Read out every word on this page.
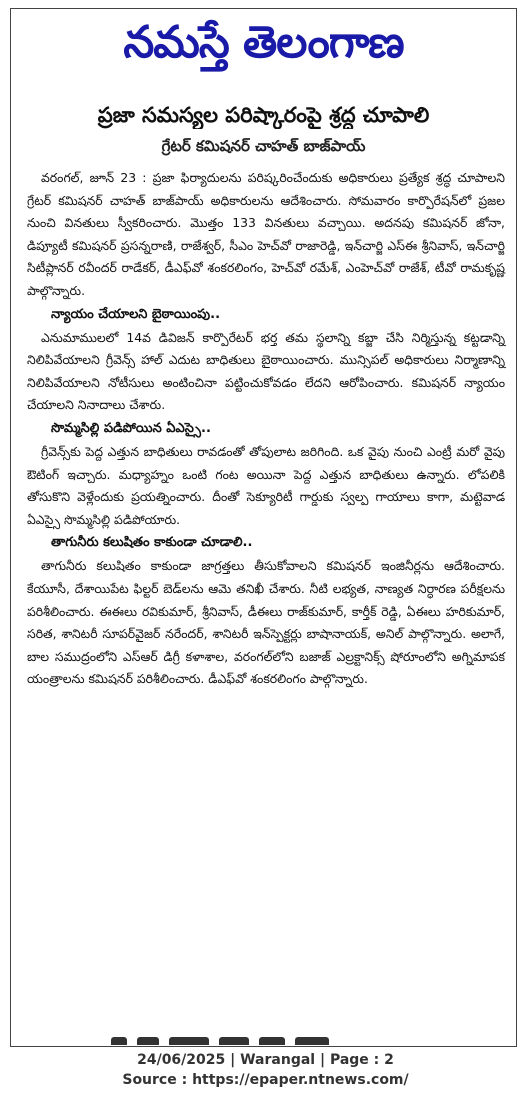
నమస్తే తెలంగాణ
ప్రజా సమస్యల పరిష్కారంపై శ్రద్ధ చూపాలి
గ్రేటర్ కమిషనర్ చాహత్ బాజ్‌పాయ్

వరంగల్, జూన్ 23 : ప్రజా ఫిర్యాదులను పరిష్కరించేందుకు అధికారులు ప్రత్యేక శ్రద్ధ చూపాలని గ్రేటర్ కమిషనర్ చాహత్ బాజ్‌పాయ్ అధికారులను ఆదేశించారు. సోమవారం కార్పొరేషన్‌లో ప్రజల నుంచి వినతులు స్వీకరించారు. మొత్తం 133 వినతులు వచ్చాయి. అదనపు కమిషనర్ జోనా, డిప్యూటీ కమిషనర్ ప్రసన్నరాణి, రాజేశ్వర్, సీఎం హెచ్‌వో రాజారెడ్డి, ఇన్‌చార్జి ఎస్ఈ శ్రీనివాస్, ఇన్‌చార్జి సిటీప్లానర్ రవీందర్ రాడేకర్, డీఎఫ్‌వో శంకరలింగం, హెచ్‌వో రమేశ్, ఎంహెచ్‌వో రాజేశ్, టీవో రామకృష్ణ పాల్గొన్నారు.

న్యాయం చేయాలని బైఠాయింపు..

ఎనుమాములలో 14వ డివిజన్ కార్పొరేటర్ భర్త తమ స్థలాన్ని కబ్జా చేసి నిర్మిస్తున్న కట్టడాన్ని నిలిపివేయాలని గ్రీవెన్స్ హాల్ ఎదుట బాధితులు బైఠాయించారు. మున్సిపల్ అధికారులు నిర్మాణాన్ని నిలిపివేయాలని నోటీసులు అంటించినా పట్టించుకోవడం లేదని ఆరోపించారు. కమిషనర్ న్యాయం చేయాలని నినాదాలు చేశారు.

సొమ్మసిల్లి పడిపోయిన ఏఎస్సై..

గ్రీవెన్స్‌కు పెద్ద ఎత్తున బాధితులు రావడంతో తోపులాట జరిగింది. ఒక వైపు నుంచి ఎంట్రీ మరో వైపు ఔటింగ్ ఇచ్చారు. మధ్యాహ్నం ఒంటి గంట అయినా పెద్ద ఎత్తున బాధితులు ఉన్నారు. లోపలికి తోసుకొని వెళ్లేందుకు ప్రయత్నించారు. దీంతో సెక్యూరిటీ గార్డుకు స్వల్ప గాయాలు కాగా, మట్టెవాడ ఏఎస్సై సొమ్మసిల్లి పడిపోయారు.

తాగునీరు కలుషితం కాకుండా చూడాలి..

తాగునీరు కలుషితం కాకుండా జాగ్రత్తలు తీసుకోవాలని కమిషనర్ ఇంజినీర్లను ఆదేశించారు. కేయూసీ, దేశాయిపేట ఫిల్టర్ బెడ్‌లను ఆమె తనిఖీ చేశారు. నీటి లభ్యత, నాణ్యత నిర్ధారణ పరీక్షలను పరిశీలించారు. ఈఈలు రవికుమార్, శ్రీనివాస్, డీఈలు రాజ్‌కుమార్, కార్తీక్ రెడ్డి, ఏఈలు హరికుమార్, సరిత, శానిటరీ సూపర్‌వైజర్ నరేందర్, శానిటరీ ఇన్‌స్పెక్టర్లు బాషానాయక్, అనిల్ పాల్గొన్నారు. అలాగే, బాల సముద్రంలోని ఎస్ఆర్ డిగ్రీ కళాశాల, వరంగల్‌లోని బజాజ్ ఎల్రక్టానిక్స్ షోరూంలోని అగ్నిమాపక యంత్రాలను కమిషనర్ పరిశీలించారు. డీఎఫ్‌వో శంకరలింగం పాల్గొన్నారు.

24/06/2025 | Warangal | Page : 2
Source : https://epaper.ntnews.com/
